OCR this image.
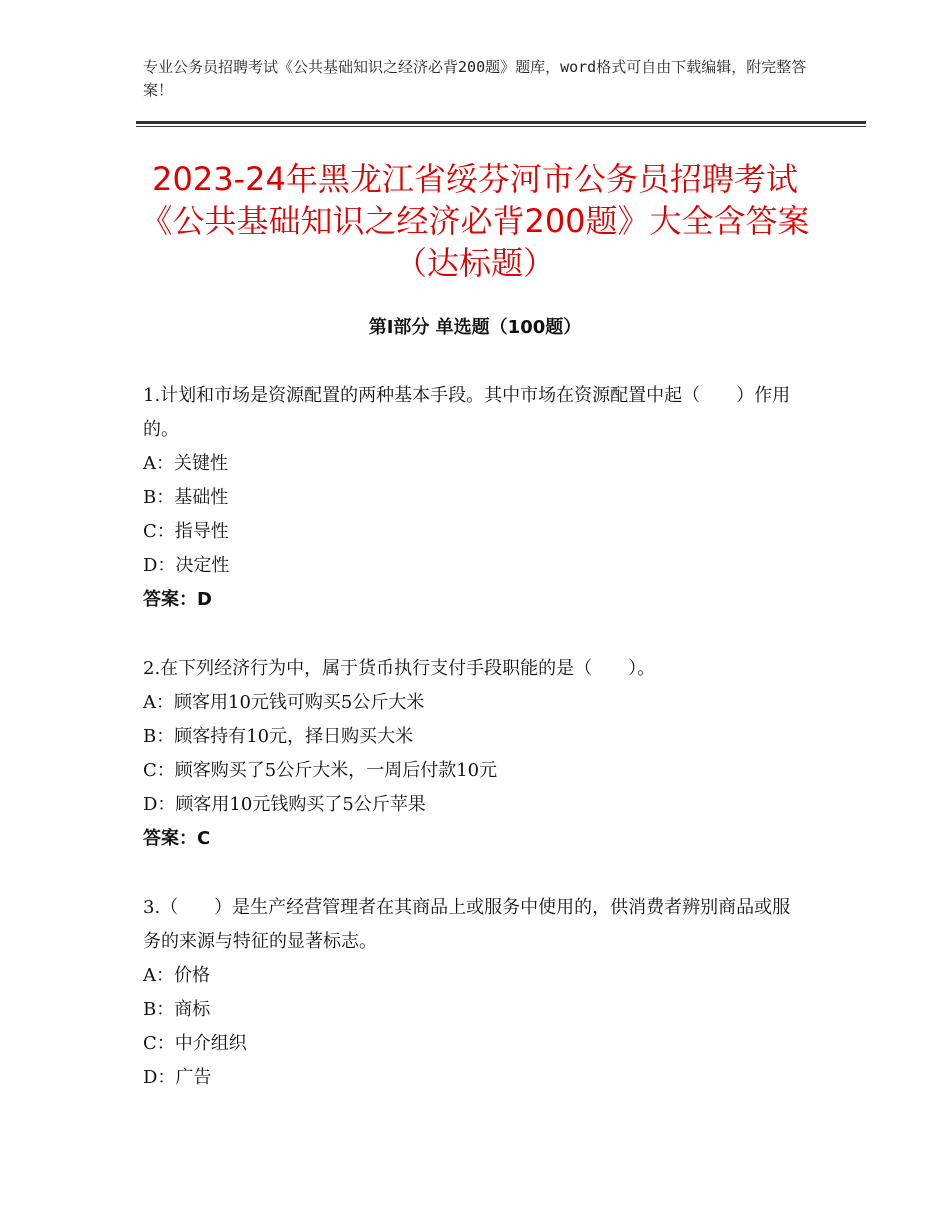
专业公务员招聘考试《公共基础知识之经济必背200题》题库，word格式可自由下载编辑，附完整答案！
2023-24年黑龙江省绥芬河市公务员招聘考试《公共基础知识之经济必背200题》大全含答案（达标题）
第Ⅰ部分 单选题（100题）
1.计划和市场是资源配置的两种基本手段。其中市场在资源配置中起（　　）作用的。
A：关键性
B：基础性
C：指导性
D：决定性
答案：D
2.在下列经济行为中，属于货币执行支付手段职能的是（　　）。
A：顾客用10元钱可购买5公斤大米
B：顾客持有10元，择日购买大米
C：顾客购买了5公斤大米，一周后付款10元
D：顾客用10元钱购买了5公斤苹果
答案：C
3.（　　）是生产经营管理者在其商品上或服务中使用的，供消费者辨别商品或服务的来源与特征的显著标志。
A：价格
B：商标
C：中介组织
D：广告
